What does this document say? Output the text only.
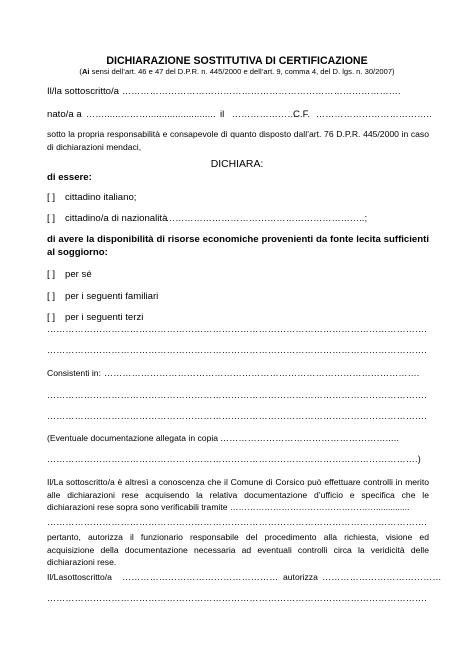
DICHIARAZIONE SOSTITUTIVA DI CERTIFICAZIONE
(Ai sensi dell’art. 46 e 47 del D.P.R. n. 445/2000 e dell’art. 9, comma 4, del D. lgs. n. 30/2007)
Il/la sottoscritto/a ……………………………………………………………………………….
nato/a a ……......………......................... il …………………
C.F. ………………………………..
sotto la propria responsabilità e consapevole di quanto disposto dall’art. 76 D.P.R. 445/2000 in caso di dichiarazioni mendaci,
DICHIARA:
di essere:
[ ] cittadino italiano;
[ ] cittadino/a di nazionalità
………………………………………………………..;
di avere la disponibilità di risorse economiche provenienti da fonte lecita sufficienti al soggiorno:
[ ] per sé
[ ] per i seguenti familiari
[ ] per i seguenti terzi
…………………………………………………………………………………………………………….
…………………………………………………………………………………………………………….
Consistenti in: ………………………………………………………………………………………….
…………………………………………………………………………………………………………….
…………………………………………………………………………………………………………….
(Eventuale documentazione allegata in copia ……………………………………………….....
………………………………………………………………………………………………………….)
Il/La sottoscritto/a è altresì a conoscenza che il Comune di Corsico può effettuare controlli in merito alle dichiarazioni rese acquisendo la relativa documentazione d’ufficio e specifica che le dichiarazioni rese sopra sono verificabili tramite ……………………………………………..............
…………………………………………………………………………………………………………….
pertanto, autorizza il funzionario responsabile del procedimento alla richiesta, visione ed acquisizione della documentazione necessaria ad eventuali controlli circa la veridicità delle dichiarazioni rese.
Il/Lasottoscritto/a …………………………………………… autorizza …………………………………
…………………………………………………………………………………………………………….
